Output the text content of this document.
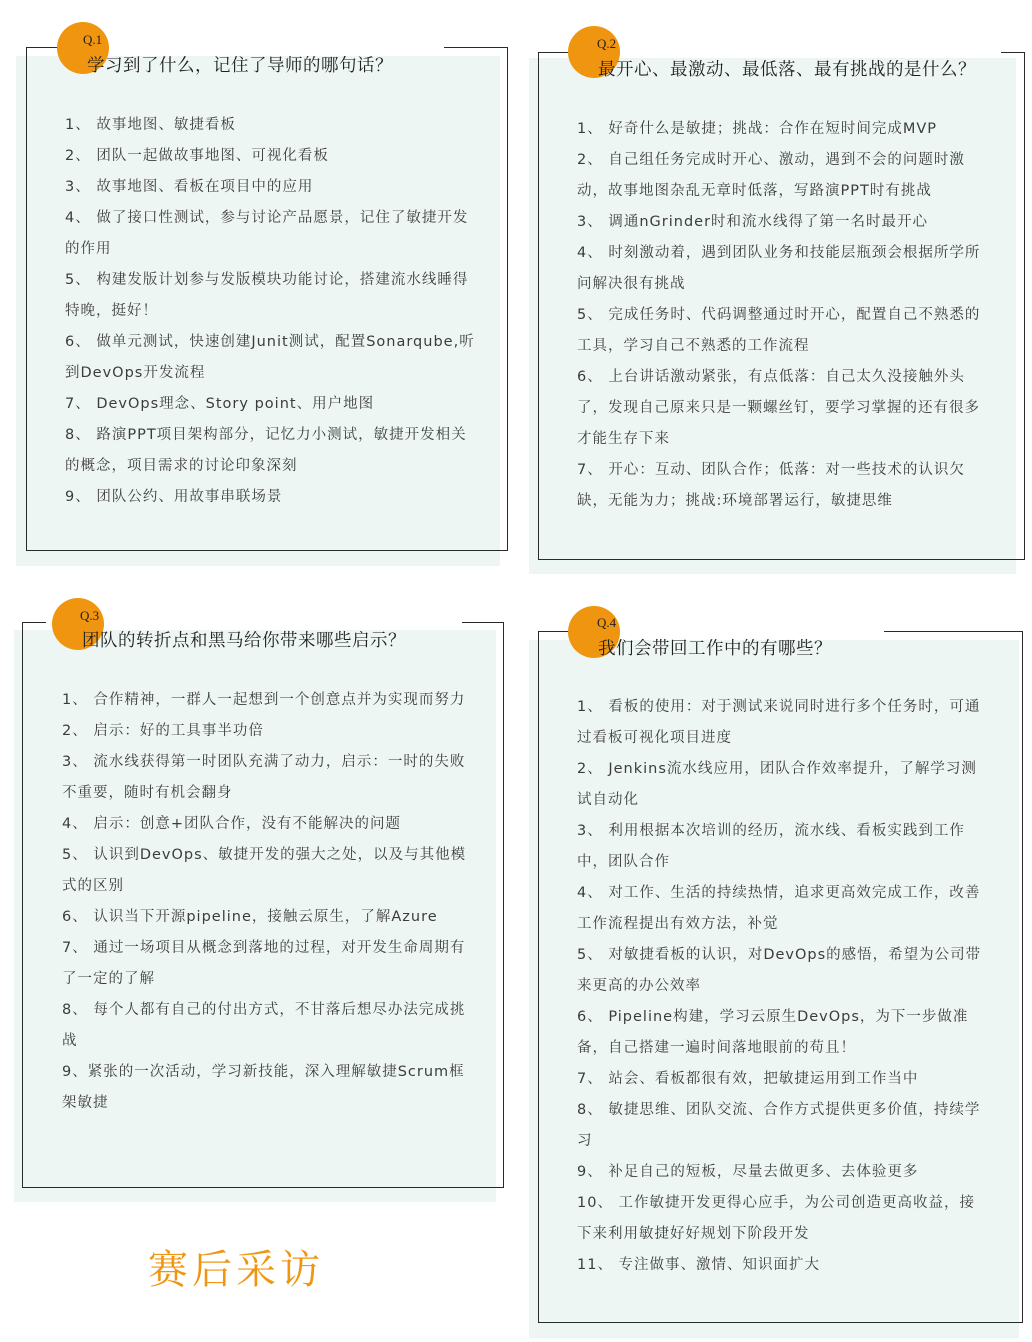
Q.1
学习到了什么，记住了导师的哪句话？
1、 故事地图、敏捷看板
2、 团队一起做故事地图、可视化看板
3、 故事地图、看板在项目中的应用
4、 做了接口性测试，参与讨论产品愿景，记住了敏捷开发的作用
5、 构建发版计划参与发版模块功能讨论，搭建流水线睡得特晚，挺好！
6、 做单元测试，快速创建Junit测试，配置Sonarqube,听到DevOps开发流程
7、 DevOps理念、Story point、用户地图
8、 路演PPT项目架构部分，记忆力小测试，敏捷开发相关的概念，项目需求的讨论印象深刻
9、 团队公约、用故事串联场景
Q.2
最开心、最激动、最低落、最有挑战的是什么？
1、 好奇什么是敏捷；挑战：合作在短时间完成MVP
2、 自己组任务完成时开心、激动，遇到不会的问题时激动，故事地图杂乱无章时低落，写路演PPT时有挑战
3、 调通nGrinder时和流水线得了第一名时最开心
4、 时刻激动着，遇到团队业务和技能层瓶颈会根据所学所问解决很有挑战
5、 完成任务时、代码调整通过时开心，配置自己不熟悉的工具，学习自己不熟悉的工作流程
6、 上台讲话激动紧张，有点低落：自己太久没接触外头了，发现自己原来只是一颗螺丝钉，要学习掌握的还有很多才能生存下来
7、 开心：互动、团队合作；低落：对一些技术的认识欠缺，无能为力；挑战:环境部署运行，敏捷思维
Q.3
团队的转折点和黑马给你带来哪些启示？
1、 合作精神，一群人一起想到一个创意点并为实现而努力
2、 启示：好的工具事半功倍
3、 流水线获得第一时团队充满了动力，启示：一时的失败不重要，随时有机会翻身
4、 启示：创意+团队合作，没有不能解决的问题
5、 认识到DevOps、敏捷开发的强大之处，以及与其他模式的区别
6、 认识当下开源pipeline，接触云原生，了解Azure
7、 通过一场项目从概念到落地的过程，对开发生命周期有了一定的了解
8、 每个人都有自己的付出方式，不甘落后想尽办法完成挑战
9、紧张的一次活动，学习新技能，深入理解敏捷Scrum框架敏捷
Q.4
我们会带回工作中的有哪些？
1、 看板的使用：对于测试来说同时进行多个任务时，可通过看板可视化项目进度
2、 Jenkins流水线应用，团队合作效率提升，了解学习测试自动化
3、 利用根据本次培训的经历，流水线、看板实践到工作中，团队合作
4、 对工作、生活的持续热情，追求更高效完成工作，改善工作流程提出有效方法，补觉
5、 对敏捷看板的认识，对DevOps的感悟，希望为公司带来更高的办公效率
6、 Pipeline构建，学习云原生DevOps，为下一步做准备，自己搭建一遍时间落地眼前的苟且！
7、 站会、看板都很有效，把敏捷运用到工作当中
8、 敏捷思维、团队交流、合作方式提供更多价值，持续学习
9、 补足自己的短板，尽量去做更多、去体验更多
10、 工作敏捷开发更得心应手，为公司创造更高收益，接下来利用敏捷好好规划下阶段开发
11、 专注做事、激情、知识面扩大
赛后采访
